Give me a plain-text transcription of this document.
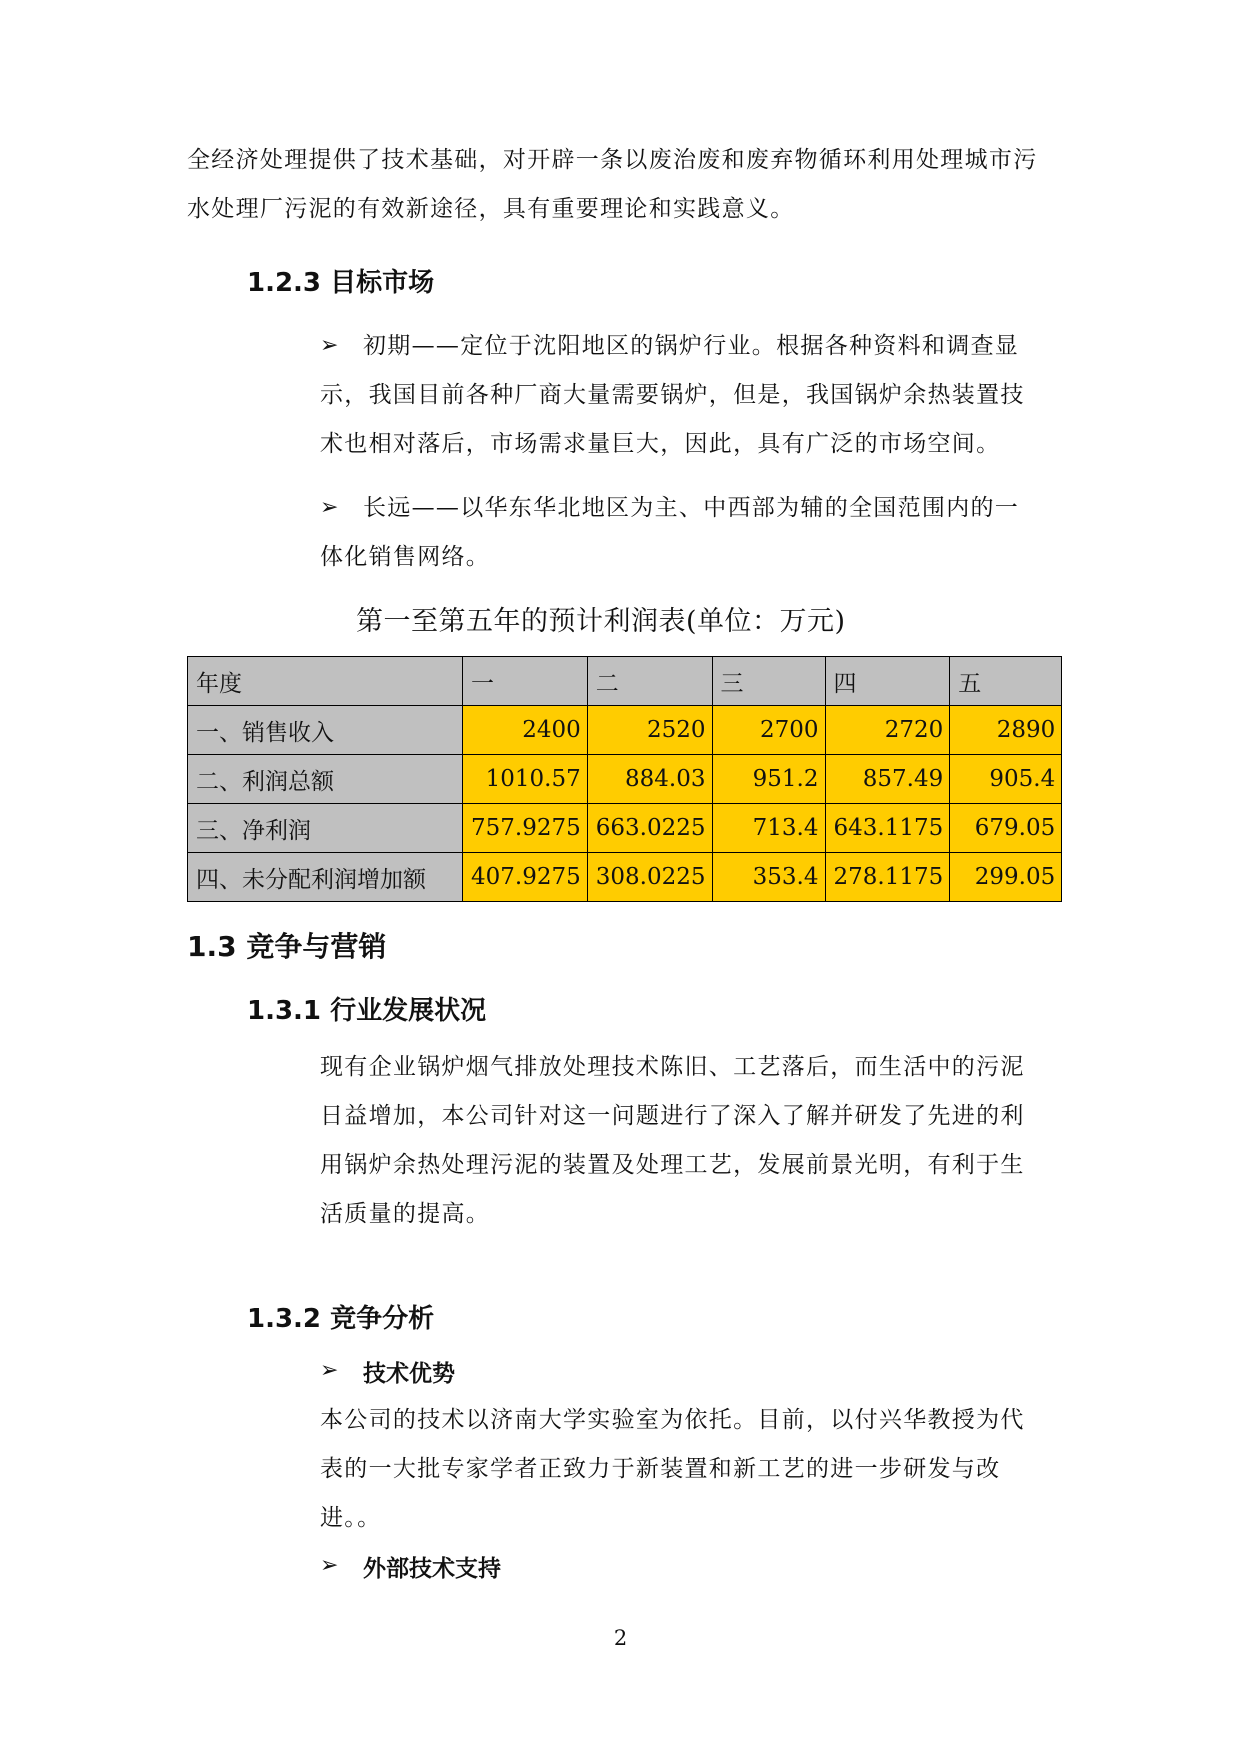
全经济处理提供了技术基础，对开辟一条以废治废和废弃物循环利用处理城市污
水处理厂污泥的有效新途径，具有重要理论和实践意义。
1.2.3 目标市场
➢	初期——定位于沈阳地区的锅炉行业。根据各种资料和调查显
示，我国目前各种厂商大量需要锅炉，但是，我国锅炉余热装置技
术也相对落后，市场需求量巨大，因此，具有广泛的市场空间。
➢	长远——以华东华北地区为主、中西部为辅的全国范围内的一
体化销售网络。
第一至第五年的预计利润表(单位：万元)
年度	一	二	三	四	五
一、销售收入	2400	2520	2700	2720	2890
二、利润总额	1010.57	884.03	951.2	857.49	905.4
三、净利润	757.9275	663.0225	713.4	643.1175	679.05
四、未分配利润增加额	407.9275	308.0225	353.4	278.1175	299.05
1.3 竞争与营销
1.3.1 行业发展状况
现有企业锅炉烟气排放处理技术陈旧、工艺落后，而生活中的污泥
日益增加，本公司针对这一问题进行了深入了解并研发了先进的利
用锅炉余热处理污泥的装置及处理工艺，发展前景光明，有利于生
活质量的提高。
1.3.2 竞争分析
➢ 技术优势
本公司的技术以济南大学实验室为依托。目前，以付兴华教授为代
表的一大批专家学者正致力于新装置和新工艺的进一步研发与改
进。。
➢ 外部技术支持
2
